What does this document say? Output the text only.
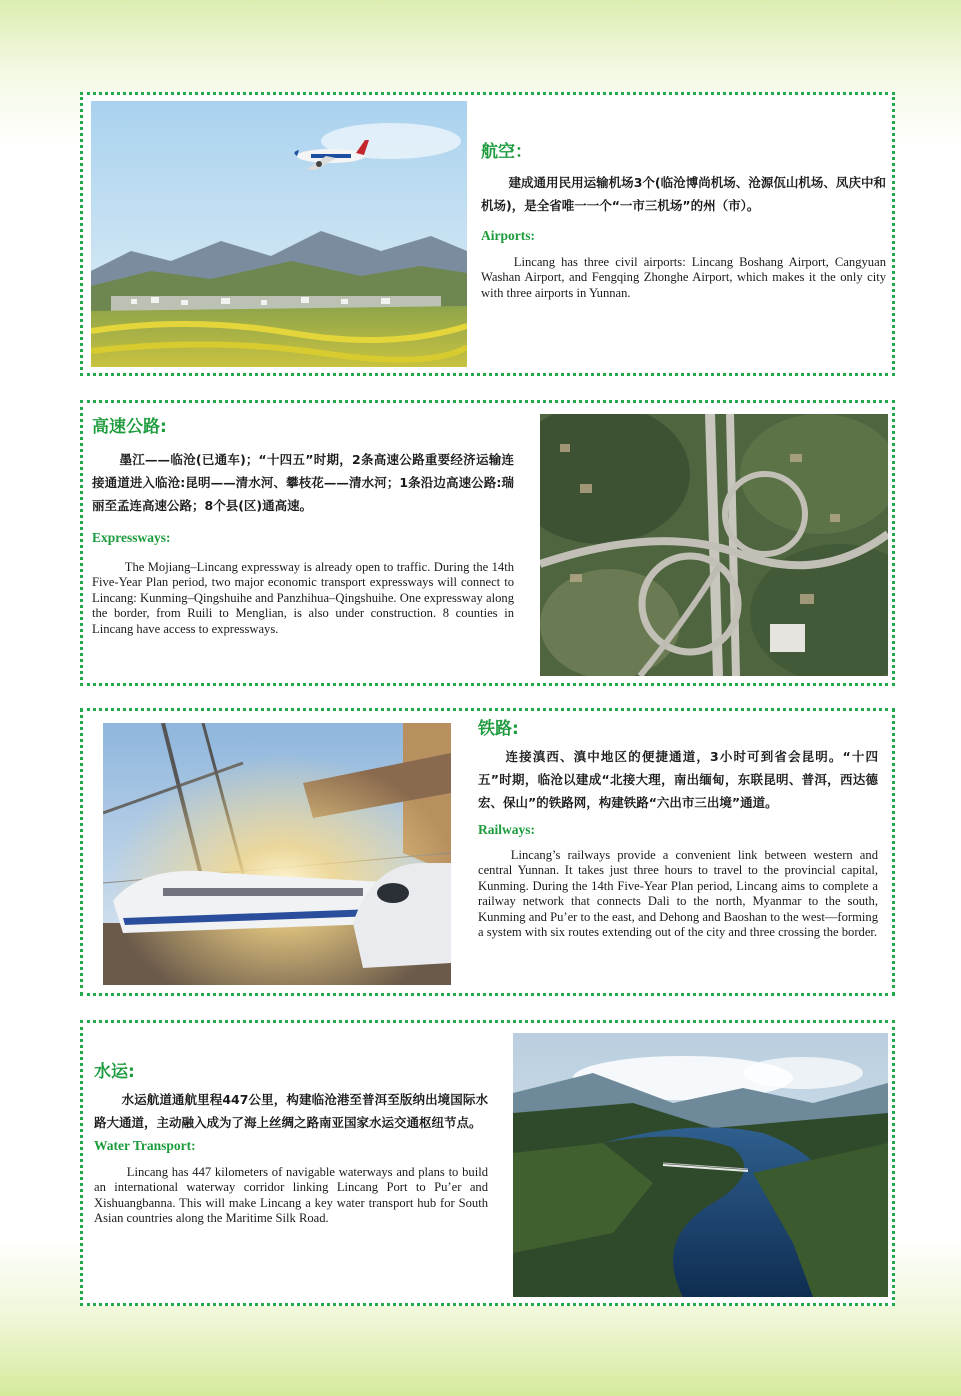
航空：

建成通用民用运输机场3个(临沧博尚机场、沧源佤山机场、凤庆中和机场)，是全省唯一一个“一市三机场”的州（市）。

Airports:

Lincang has three civil airports: Lincang Boshang Airport, Cangyuan Washan Airport, and Fengqing Zhonghe Airport, which makes it the only city with three airports in Yunnan.

高速公路:

墨江——临沧(已通车)；“十四五”时期，2条高速公路重要经济运输连接通道进入临沧:昆明——清水河、攀枝花——清水河；1条沿边高速公路:瑞丽至孟连高速公路；8个县(区)通高速。

Expressways:

The Mojiang–Lincang expressway is already open to traffic. During the 14th Five-Year Plan period, two major economic transport expressways will connect to Lincang: Kunming–Qingshuihe and Panzhihua–Qingshuihe. One expressway along the border, from Ruili to Menglian, is also under construction. 8 counties in Lincang have access to expressways.

铁路:

连接滇西、滇中地区的便捷通道，3小时可到省会昆明。“十四五”时期，临沧以建成“北接大理，南出缅甸，东联昆明、普洱，西达德宏、保山”的铁路网，构建铁路“六出市三出境”通道。

Railways:

Lincang’s railways provide a convenient link between western and central Yunnan. It takes just three hours to travel to the provincial capital, Kunming. During the 14th Five-Year Plan period, Lincang aims to complete a railway network that connects Dali to the north, Myanmar to the south, Kunming and Pu’er to the east, and Dehong and Baoshan to the west—forming a system with six routes extending out of the city and three crossing the border.

水运:

水运航道通航里程447公里，构建临沧港至普洱至版纳出境国际水路大通道，主动融入成为了海上丝绸之路南亚国家水运交通枢纽节点。

Water Transport:

Lincang has 447 kilometers of navigable waterways and plans to build an international waterway corridor linking Lincang Port to Pu’er and Xishuangbanna. This will make Lincang a key water transport hub for South Asian countries along the Maritime Silk Road.
